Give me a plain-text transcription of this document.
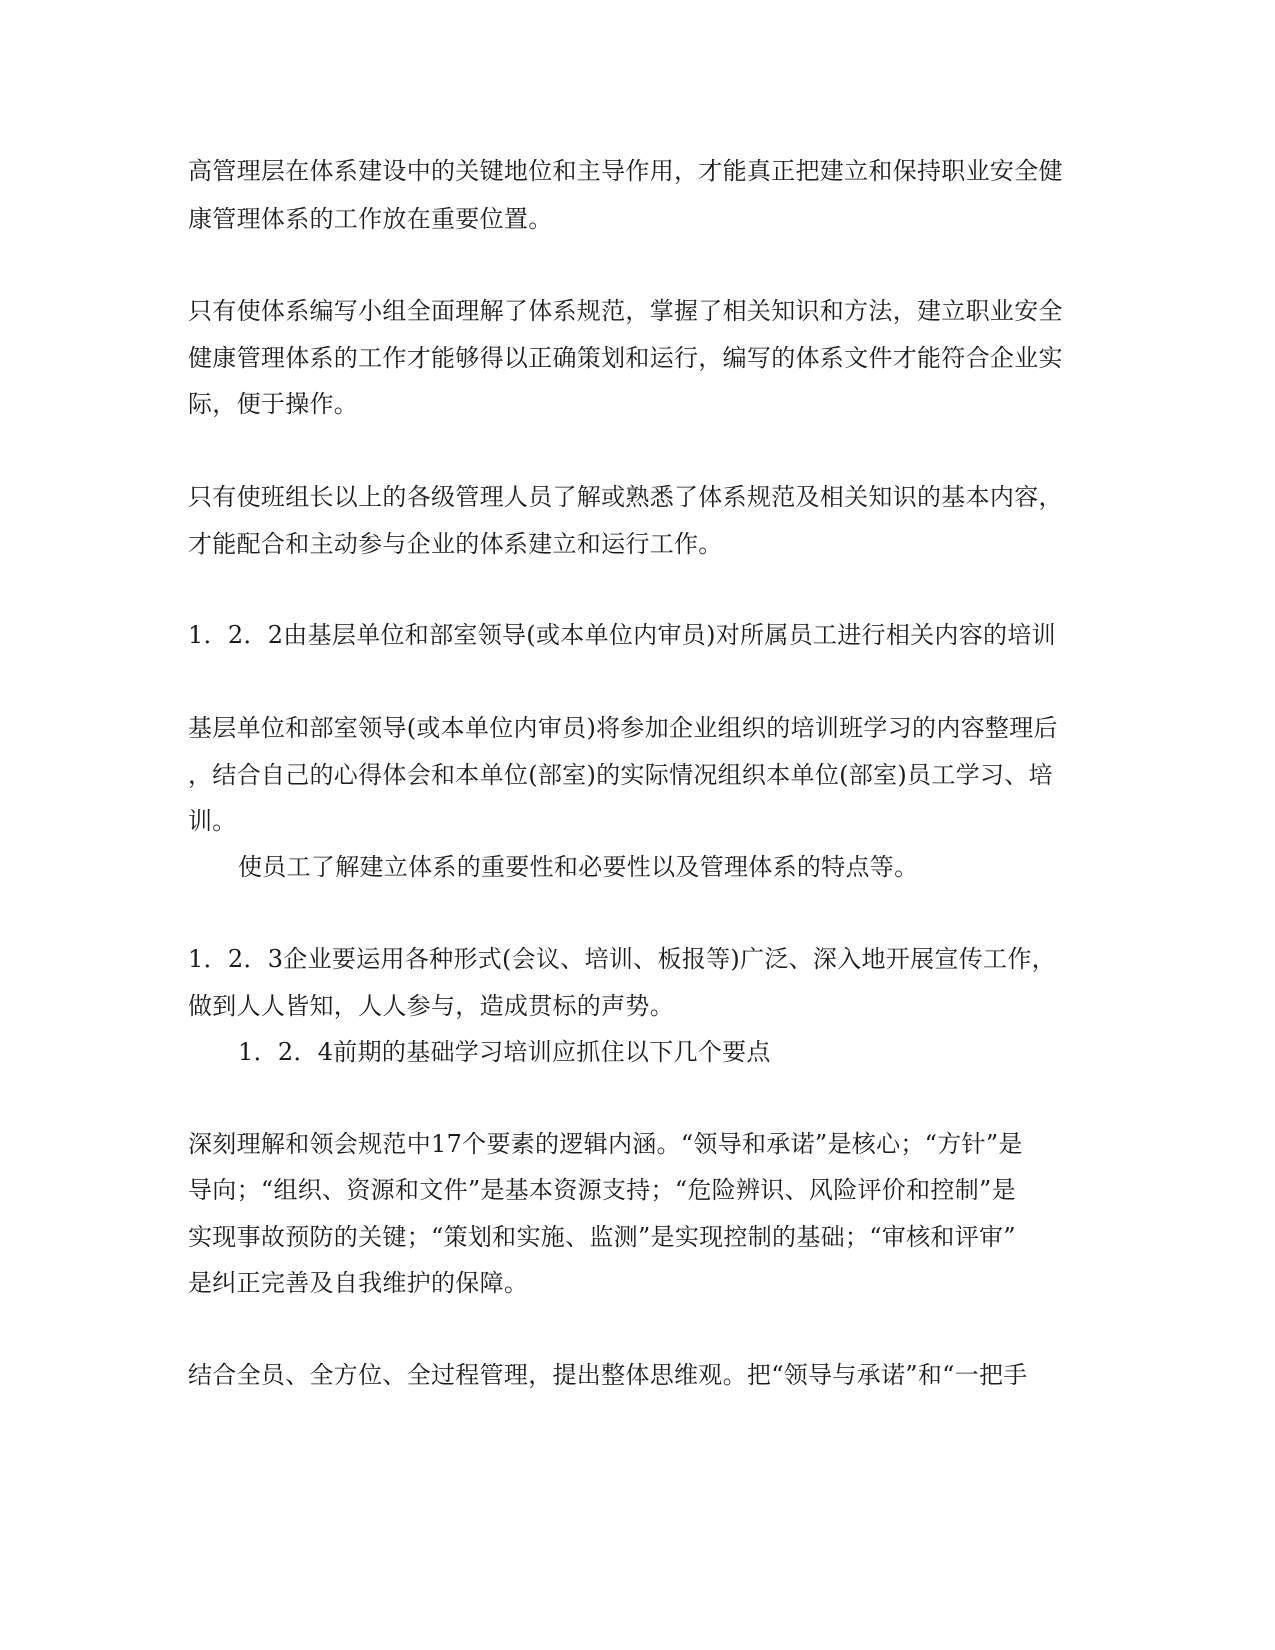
高管理层在体系建设中的关键地位和主导作用，才能真正把建立和保持职业安全健
康管理体系的工作放在重要位置。
只有使体系编写小组全面理解了体系规范，掌握了相关知识和方法，建立职业安全
健康管理体系的工作才能够得以正确策划和运行，编写的体系文件才能符合企业实
际，便于操作。
只有使班组长以上的各级管理人员了解或熟悉了体系规范及相关知识的基本内容，
才能配合和主动参与企业的体系建立和运行工作。
1．2．2由基层单位和部室领导(或本单位内审员)对所属员工进行相关内容的培训
基层单位和部室领导(或本单位内审员)将参加企业组织的培训班学习的内容整理后
，结合自己的心得体会和本单位(部室)的实际情况组织本单位(部室)员工学习、培
训。
使员工了解建立体系的重要性和必要性以及管理体系的特点等。
1．2．3企业要运用各种形式(会议、培训、板报等)广泛、深入地开展宣传工作，
做到人人皆知，人人参与，造成贯标的声势。
1．2．4前期的基础学习培训应抓住以下几个要点
深刻理解和领会规范中17个要素的逻辑内涵。“领导和承诺”是核心；“方针”是
导向；“组织、资源和文件”是基本资源支持；“危险辨识、风险评价和控制”是
实现事故预防的关键；“策划和实施、监测”是实现控制的基础；“审核和评审”
是纠正完善及自我维护的保障。
结合全员、全方位、全过程管理，提出整体思维观。把“领导与承诺”和“一把手
